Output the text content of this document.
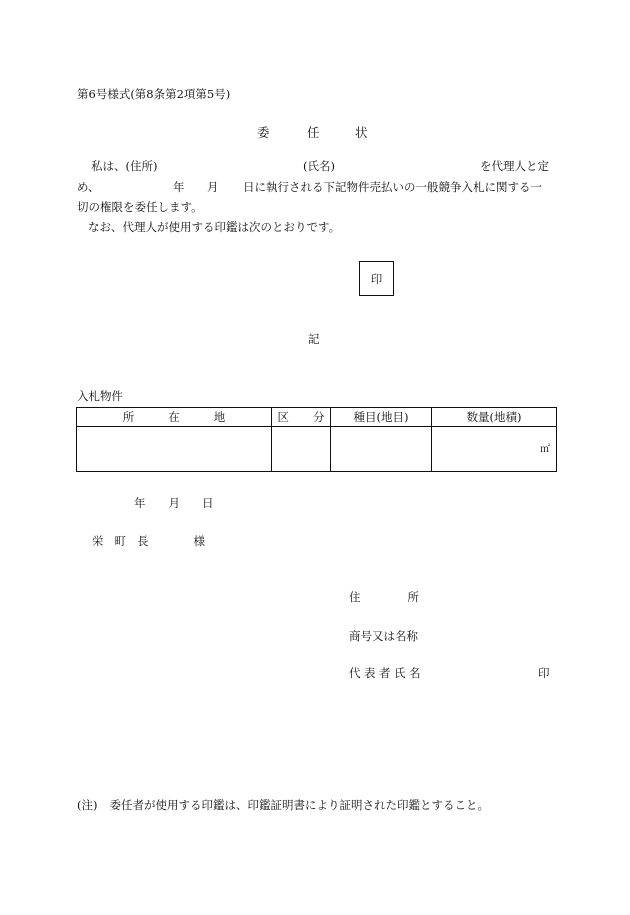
第6号様式(第8条第2項第5号)
委	任	状
私は、(住所)	(氏名)	を代理人と定
め、	年 月 日に執行される下記物件売払いの一般競争入札に関する一
切の権限を委任します。
なお、代理人が使用する印鑑は次のとおりです。
印
記
入札物件
所 在 地	区 分	種目(地目)	数量(地積)

			㎡
年 月 日
栄 町 長	様
住	所
商号又は名称
代表者氏名	印
(注) 委任者が使用する印鑑は、印鑑証明書により証明された印鑑とすること。
